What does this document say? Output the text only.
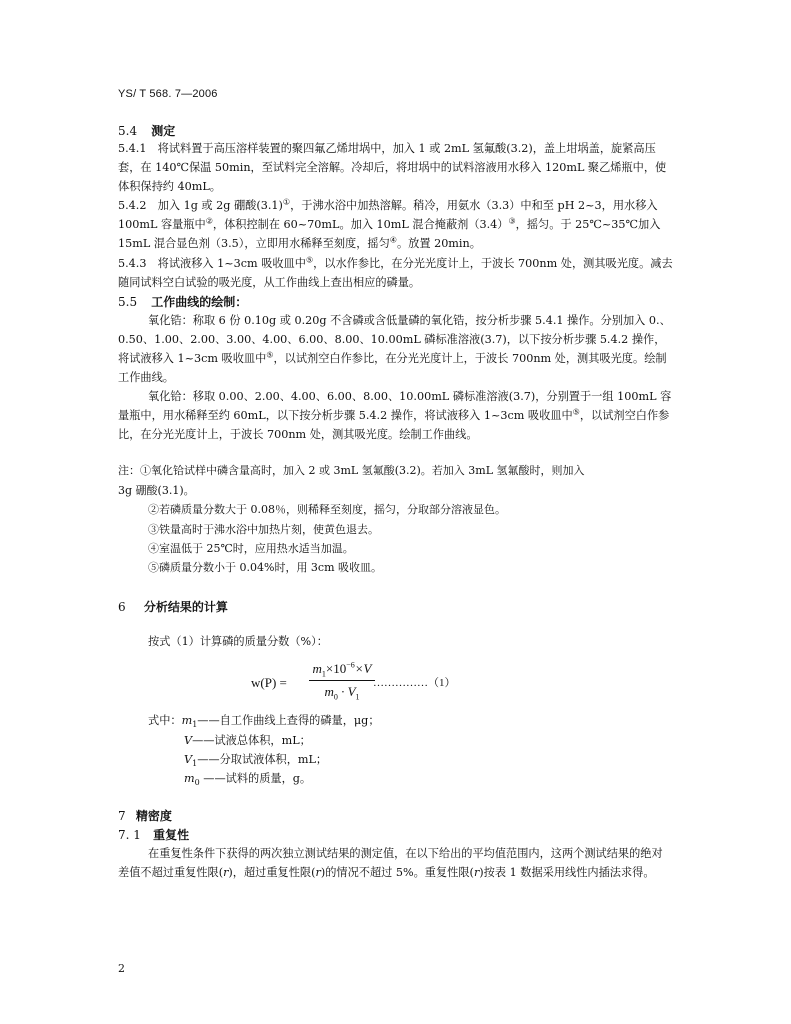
YS/ T 568. 7—2006
5.4 测定
5.4.1　将试料置于高压溶样装置的聚四氟乙烯坩埚中，加入 1 或 2mL 氢氟酸(3.2)，盖上坩埚盖，旋紧高压套，在 140℃保温 50min，至试料完全溶解。冷却后，将坩埚中的试料溶液用水移入 120mL 聚乙烯瓶中，使体积保持约 40mL。
5.4.2　加入 1g 或 2g 硼酸(3.1)①，于沸水浴中加热溶解。稍冷，用氨水（3.3）中和至 pH 2~3，用水移入 100mL 容量瓶中②，体积控制在 60~70mL。加入 10mL 混合掩蔽剂（3.4）③，摇匀。于 25℃~35℃加入 15mL 混合显色剂（3.5），立即用水稀释至刻度，摇匀④。放置 20min。
5.4.3　将试液移入 1~3cm 吸收皿中⑤，以水作参比，在分光光度计上，于波长 700nm 处，测其吸光度。减去随同试料空白试验的吸光度，从工作曲线上查出相应的磷量。
5.5 工作曲线的绘制：
氧化锆：称取 6 份 0.10g 或 0.20g 不含磷或含低量磷的氧化锆，按分析步骤 5.4.1 操作。分别加入 0.、0.50、1.00、2.00、3.00、4.00、6.00、8.00、10.00mL 磷标准溶液(3.7)，以下按分析步骤 5.4.2 操作，将试液移入 1~3cm 吸收皿中⑤，以试剂空白作参比，在分光光度计上，于波长 700nm 处，测其吸光度。绘制工作曲线。
氧化铪：移取 0.00、2.00、4.00、6.00、8.00、10.00mL 磷标准溶液(3.7)，分别置于一组 100mL 容量瓶中，用水稀释至约 60mL，以下按分析步骤 5.4.2 操作，将试液移入 1~3cm 吸收皿中⑤，以试剂空白作参比，在分光光度计上，于波长 700nm 处，测其吸光度。绘制工作曲线。
注：①氧化铪试样中磷含量高时，加入 2 或 3mL 氢氟酸(3.2)。若加入 3mL 氢氟酸时，则加入
3g 硼酸(3.1)。
②若磷质量分数大于 0.08％，则稀释至刻度，摇匀，分取部分溶液显色。
③铁量高时于沸水浴中加热片刻，使黄色退去。
④室温低于 25℃时，应用热水适当加温。
⑤磷质量分数小于 0.04%时，用 3cm 吸收皿。
6 分析结果的计算
按式（1）计算磷的质量分数（%）：
w(P) =
$m_1\times 10^{-6}\times V$
$m_0 \cdot V_1$
……………（1）
式中：$m_1——$自工作曲线上查得的磷量，μg；
V——试液总体积，mL；
$V_1——$分取试液体积，mL；
$m_0$ ——试料的质量，g。
7 精密度
7. 1 重复性
在重复性条件下获得的两次独立测试结果的测定值，在以下给出的平均值范围内，这两个测试结果的绝对差值不超过重复性限(r)，超过重复性限(r)的情况不超过 5%。重复性限(r)按表 1 数据采用线性内插法求得。
2
